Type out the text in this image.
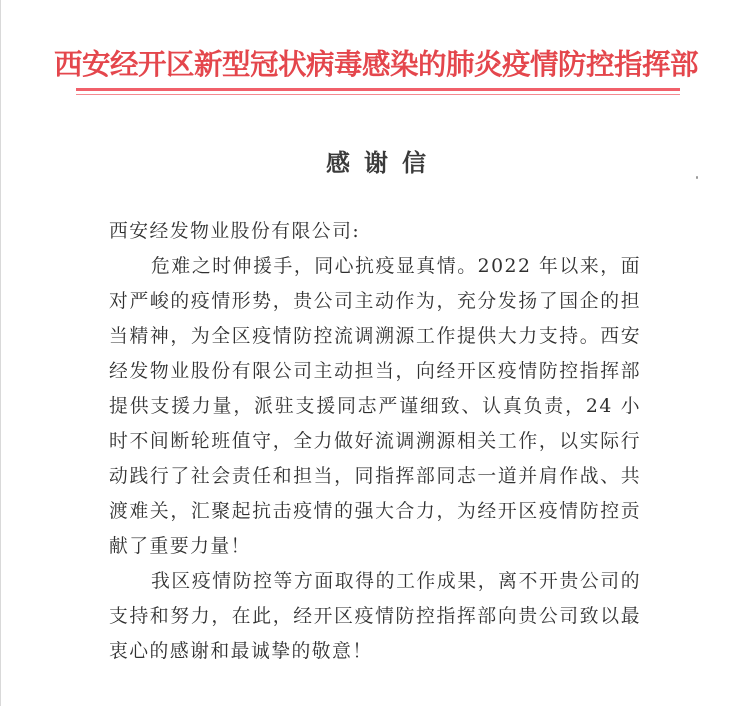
西安经开区新型冠状病毒感染的肺炎疫情防控指挥部
感谢信

西安经发物业股份有限公司:

危难之时伸援手，同心抗疫显真情。2022 年以来，面对严峻的疫情形势，贵公司主动作为，充分发扬了国企的担当精神，为全区疫情防控流调溯源工作提供大力支持。西安经发物业股份有限公司主动担当，向经开区疫情防控指挥部提供支援力量，派驻支援同志严谨细致、认真负责，24 小时不间断轮班值守，全力做好流调溯源相关工作，以实际行动践行了社会责任和担当，同指挥部同志一道并肩作战、共渡难关，汇聚起抗击疫情的强大合力，为经开区疫情防控贡献了重要力量！

我区疫情防控等方面取得的工作成果，离不开贵公司的支持和努力，在此，经开区疫情防控指挥部向贵公司致以最衷心的感谢和最诚挚的敬意！
